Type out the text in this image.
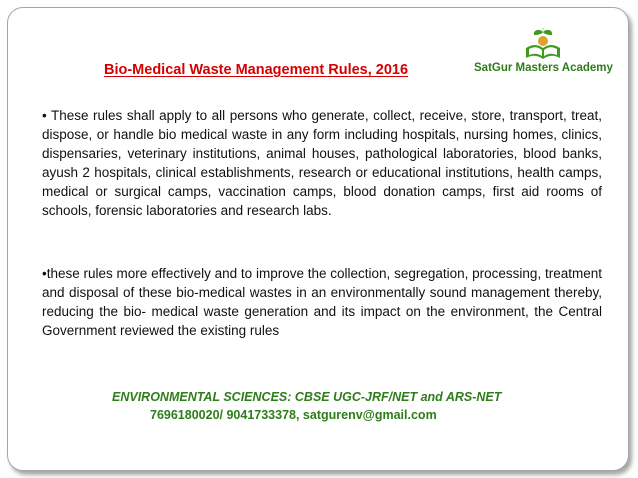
Bio-Medical Waste Management Rules, 2016	SatGur Masters Academy

• These rules shall apply to all persons who generate, collect, receive, store, transport, treat, dispose, or handle bio medical waste in any form including hospitals, nursing homes, clinics, dispensaries, veterinary institutions, animal houses, pathological laboratories, blood banks, ayush 2 hospitals, clinical establishments, research or educational institutions, health camps, medical or surgical camps, vaccination camps, blood donation camps, first aid rooms of schools, forensic laboratories and research labs.

•these rules more effectively and to improve the collection, segregation, processing, treatment and disposal of these bio-medical wastes in an environmentally sound management thereby, reducing the bio- medical waste generation and its impact on the environment, the Central Government reviewed the existing rules

ENVIRONMENTAL SCIENCES: CBSE UGC-JRF/NET and ARS-NET
7696180020/ 9041733378, satgurenv@gmail.com
